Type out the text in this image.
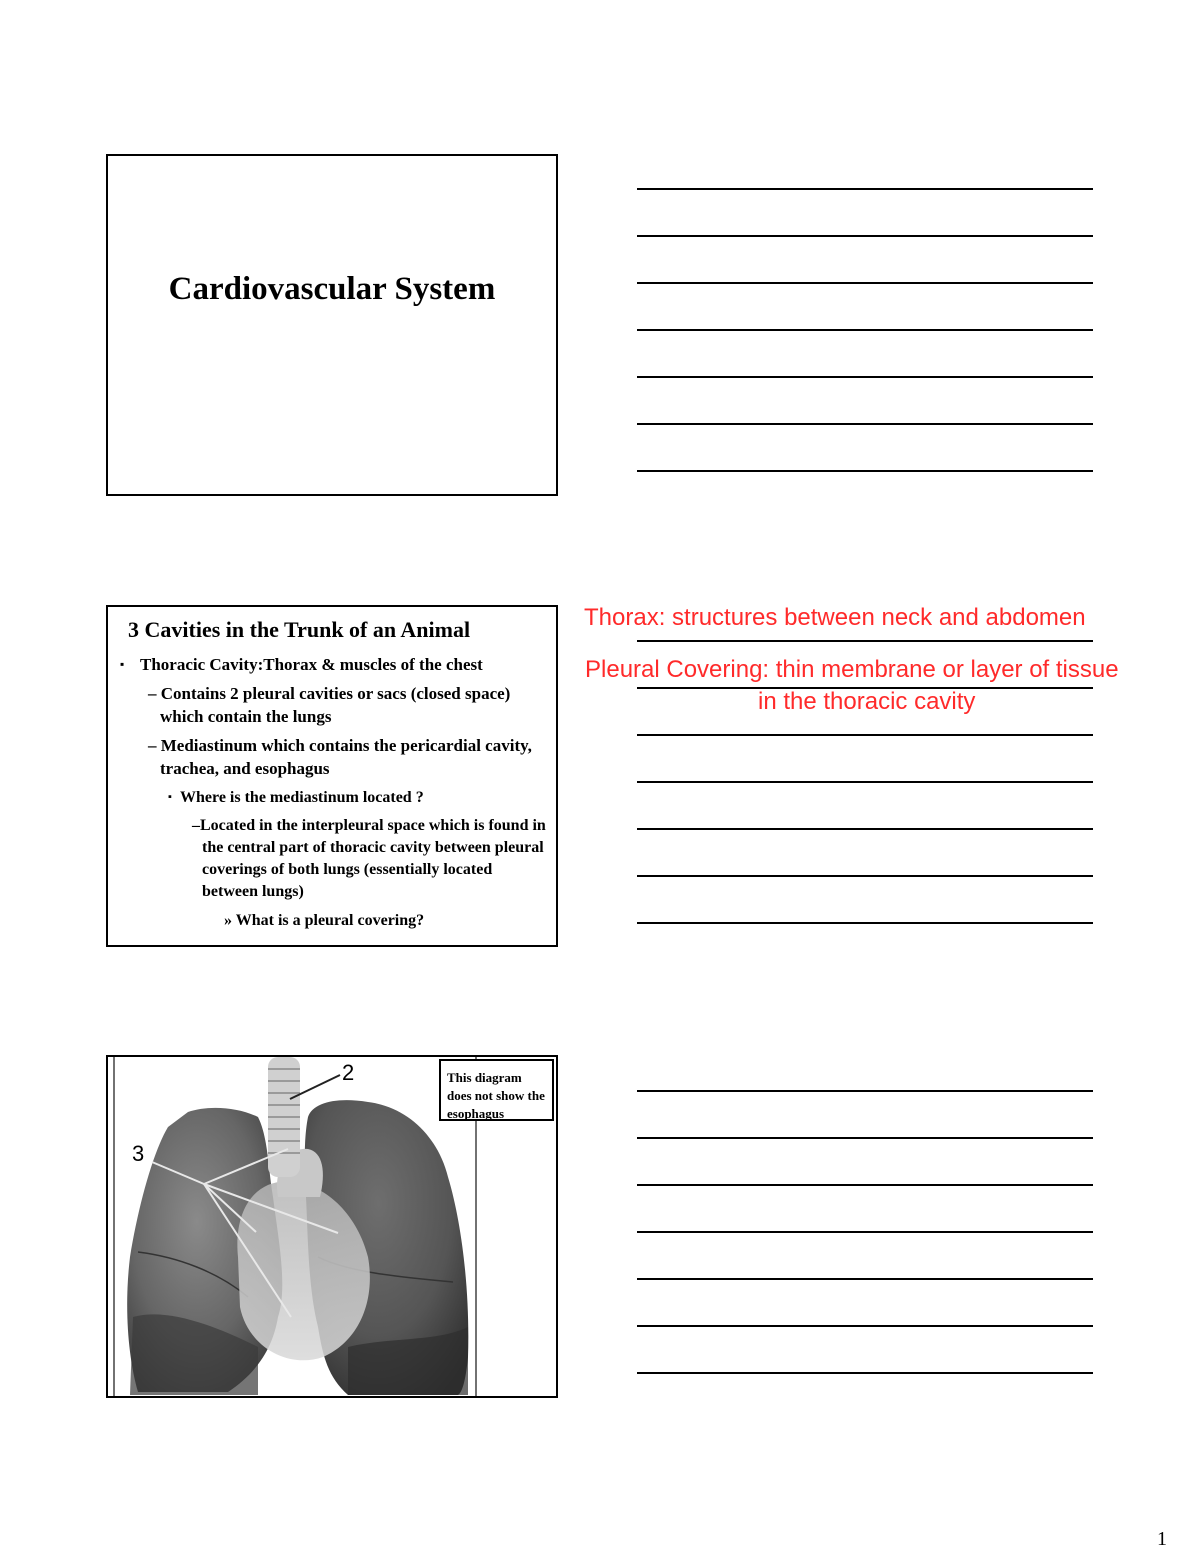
Cardiovascular System
3 Cavities in the Trunk of an Animal
▪ Thoracic Cavity:Thorax & muscles of the chest
– Contains 2 pleural cavities or sacs (closed space) which contain the lungs
– Mediastinum which contains the pericardial cavity, trachea, and esophagus
▪ Where is the mediastinum located ?
–Located in the interpleural space which is found in the central part of thoracic cavity between pleural coverings of both lungs (essentially located between lungs)
» What is a pleural covering?
Thorax: structures between neck and abdomen
Pleural Covering: thin membrane or layer of tissue
in the thoracic cavity
2
3
This diagram does not show the esophagus
1
